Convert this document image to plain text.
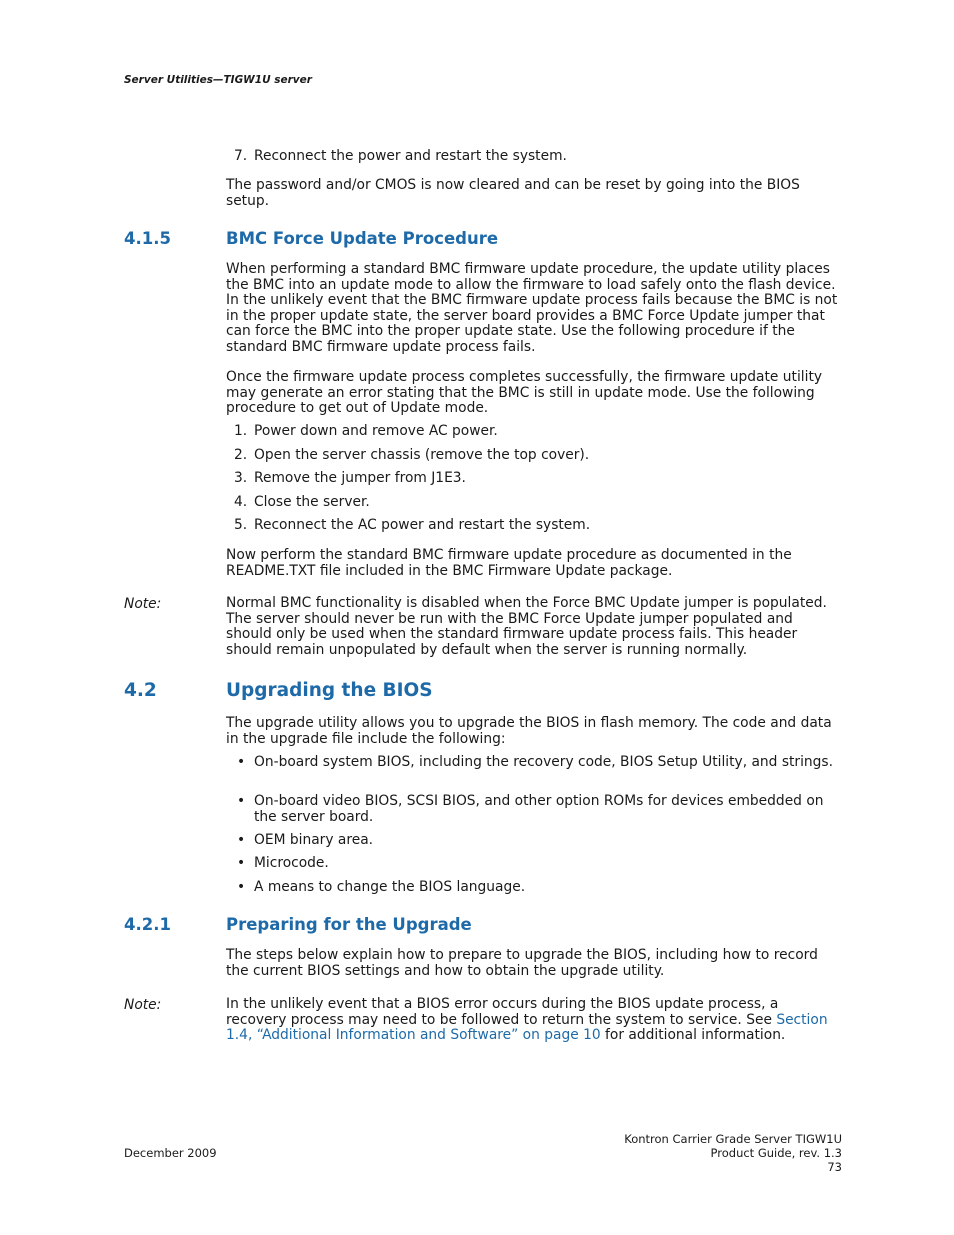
Server Utilities—TIGW1U server
7. Reconnect the power and restart the system.

The password and/or CMOS is now cleared and can be reset by going into the BIOS setup.

4.1.5	BMC Force Update Procedure

When performing a standard BMC firmware update procedure, the update utility places the BMC into an update mode to allow the firmware to load safely onto the flash device. In the unlikely event that the BMC firmware update process fails because the BMC is not in the proper update state, the server board provides a BMC Force Update jumper that can force the BMC into the proper update state. Use the following procedure if the standard BMC firmware update process fails.

Once the firmware update process completes successfully, the firmware update utility may generate an error stating that the BMC is still in update mode. Use the following procedure to get out of Update mode.

1. Power down and remove AC power.
2. Open the server chassis (remove the top cover).
3. Remove the jumper from J1E3.
4. Close the server.
5. Reconnect the AC power and restart the system.

Now perform the standard BMC firmware update procedure as documented in the README.TXT file included in the BMC Firmware Update package.

Note:	Normal BMC functionality is disabled when the Force BMC Update jumper is populated. The server should never be run with the BMC Force Update jumper populated and should only be used when the standard firmware update process fails. This header should remain unpopulated by default when the server is running normally.

4.2	Upgrading the BIOS

The upgrade utility allows you to upgrade the BIOS in flash memory. The code and data in the upgrade file include the following:

• On-board system BIOS, including the recovery code, BIOS Setup Utility, and strings.
• On-board video BIOS, SCSI BIOS, and other option ROMs for devices embedded on the server board.
• OEM binary area.
• Microcode.
• A means to change the BIOS language.
4.2.1	Preparing for the Upgrade

The steps below explain how to prepare to upgrade the BIOS, including how to record the current BIOS settings and how to obtain the upgrade utility.

Note:	In the unlikely event that a BIOS error occurs during the BIOS update process, a recovery process may need to be followed to return the system to service. See Section 1.4, “Additional Information and Software” on page 10 for additional information.

December 2009
Kontron Carrier Grade Server TIGW1U
Product Guide, rev. 1.3
73
